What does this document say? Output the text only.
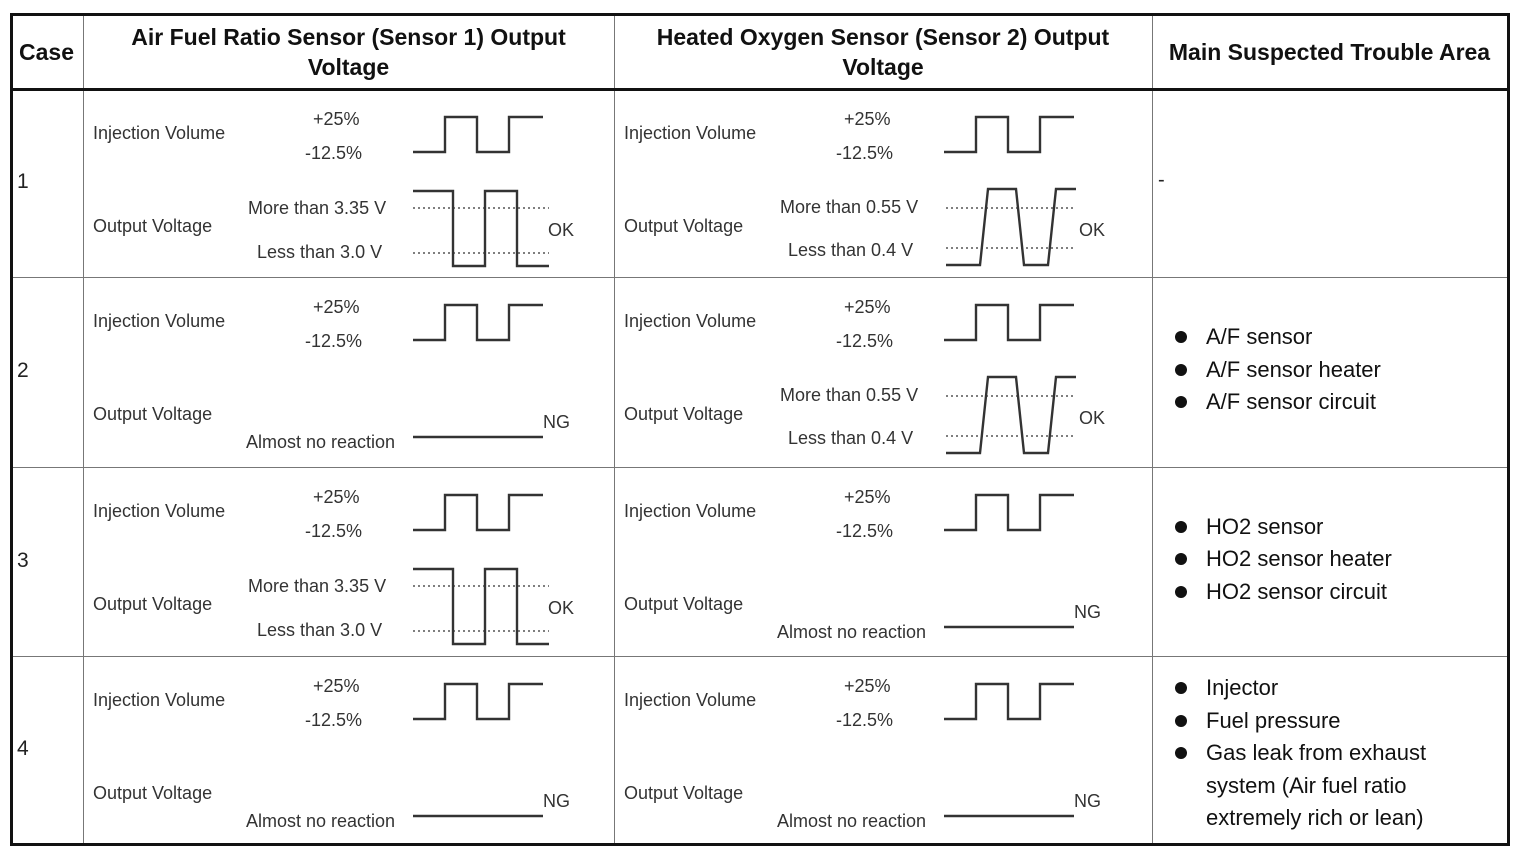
Case
Air Fuel Ratio Sensor (Sensor 1) Output Voltage
Heated Oxygen Sensor (Sensor 2) Output Voltage
Main Suspected Trouble Area
1
Injection Volume
+25%
-12.5%
Output Voltage
More than 3.35 V
Less than 3.0 V
OK
Injection Volume
+25%
-12.5%
Output Voltage
More than 0.55 V
Less than 0.4 V
OK
-
2
Injection Volume
+25%
-12.5%
Output Voltage
Almost no reaction
NG
Injection Volume
+25%
-12.5%
Output Voltage
More than 0.55 V
Less than 0.4 V
OK
A/F sensor
A/F sensor heater
A/F sensor circuit
3
Injection Volume
+25%
-12.5%
Output Voltage
More than 3.35 V
Less than 3.0 V
OK
Injection Volume
+25%
-12.5%
Output Voltage
Almost no reaction
NG
HO2 sensor
HO2 sensor heater
HO2 sensor circuit
4
Injection Volume
+25%
-12.5%
Output Voltage
Almost no reaction
NG
Injection Volume
+25%
-12.5%
Output Voltage
Almost no reaction
NG
Injector
Fuel pressure
Gas leak from exhaust system (Air fuel ratio extremely rich or lean)
